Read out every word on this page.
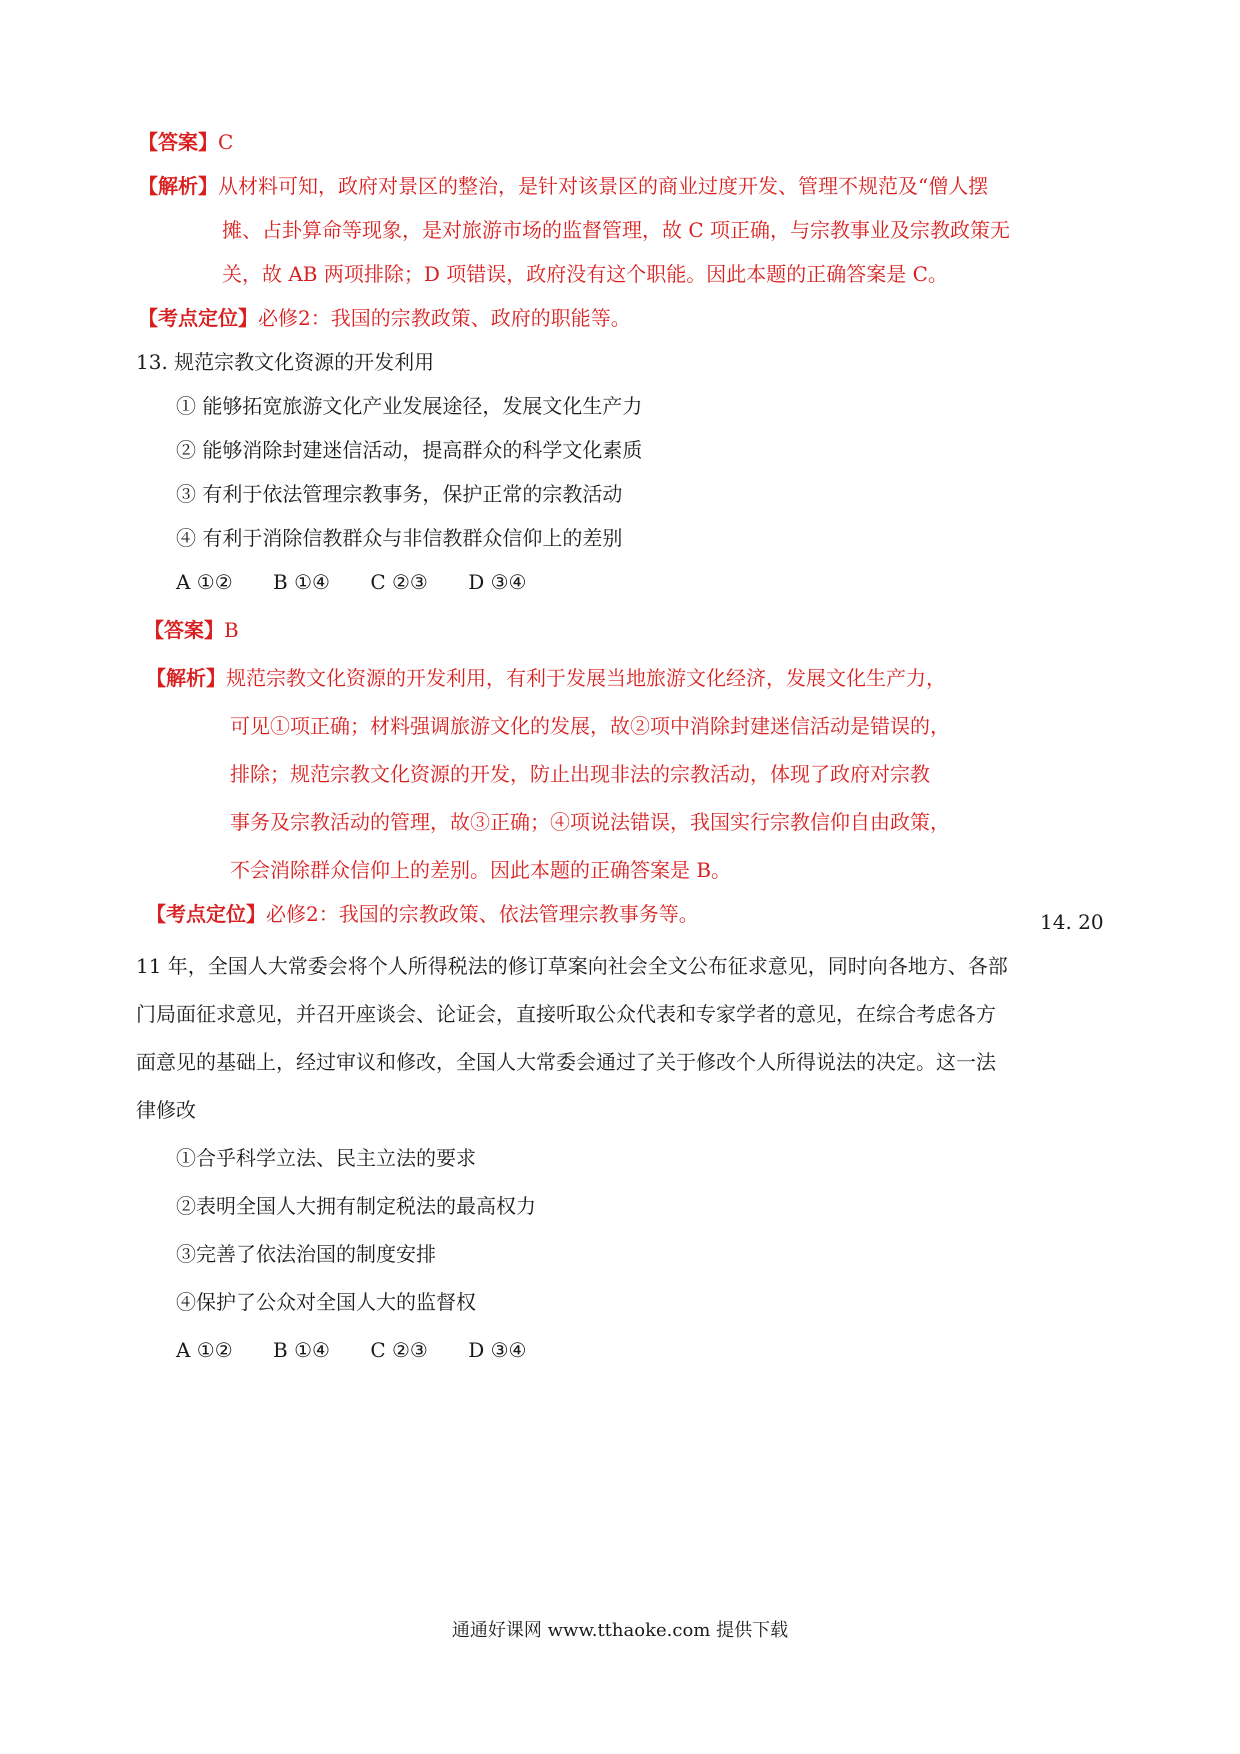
【答案】C
【解析】从材料可知，政府对景区的整治，是针对该景区的商业过度开发、管理不规范及“僧人摆
摊、占卦算命等现象，是对旅游市场的监督管理，故 C 项正确，与宗教事业及宗教政策无
关，故 AB 两项排除；D 项错误，政府没有这个职能。因此本题的正确答案是 C。
【考点定位】必修2：我国的宗教政策、政府的职能等。
13. 规范宗教文化资源的开发利用
① 能够拓宽旅游文化产业发展途径，发展文化生产力
② 能够消除封建迷信活动，提高群众的科学文化素质
③ 有利于依法管理宗教事务，保护正常的宗教活动
④ 有利于消除信教群众与非信教群众信仰上的差别
A ①② B ①④ C ②③ D ③④
【答案】B
【解析】规范宗教文化资源的开发利用，有利于发展当地旅游文化经济，发展文化生产力，
可见①项正确；材料强调旅游文化的发展，故②项中消除封建迷信活动是错误的，
排除；规范宗教文化资源的开发，防止出现非法的宗教活动，体现了政府对宗教
事务及宗教活动的管理，故③正确；④项说法错误，我国实行宗教信仰自由政策，
不会消除群众信仰上的差别。因此本题的正确答案是 B。
【考点定位】必修2：我国的宗教政策、依法管理宗教事务等。	14. 20
11 年，全国人大常委会将个人所得税法的修订草案向社会全文公布征求意见，同时向各地方、各部
门局面征求意见，并召开座谈会、论证会，直接听取公众代表和专家学者的意见，在综合考虑各方
面意见的基础上，经过审议和修改，全国人大常委会通过了关于修改个人所得说法的决定。这一法
律修改
①合乎科学立法、民主立法的要求
②表明全国人大拥有制定税法的最高权力
③完善了依法治国的制度安排
④保护了公众对全国人大的监督权
A ①② B ①④ C ②③ D ③④
通通好课网 www.tthaoke.com 提供下载
